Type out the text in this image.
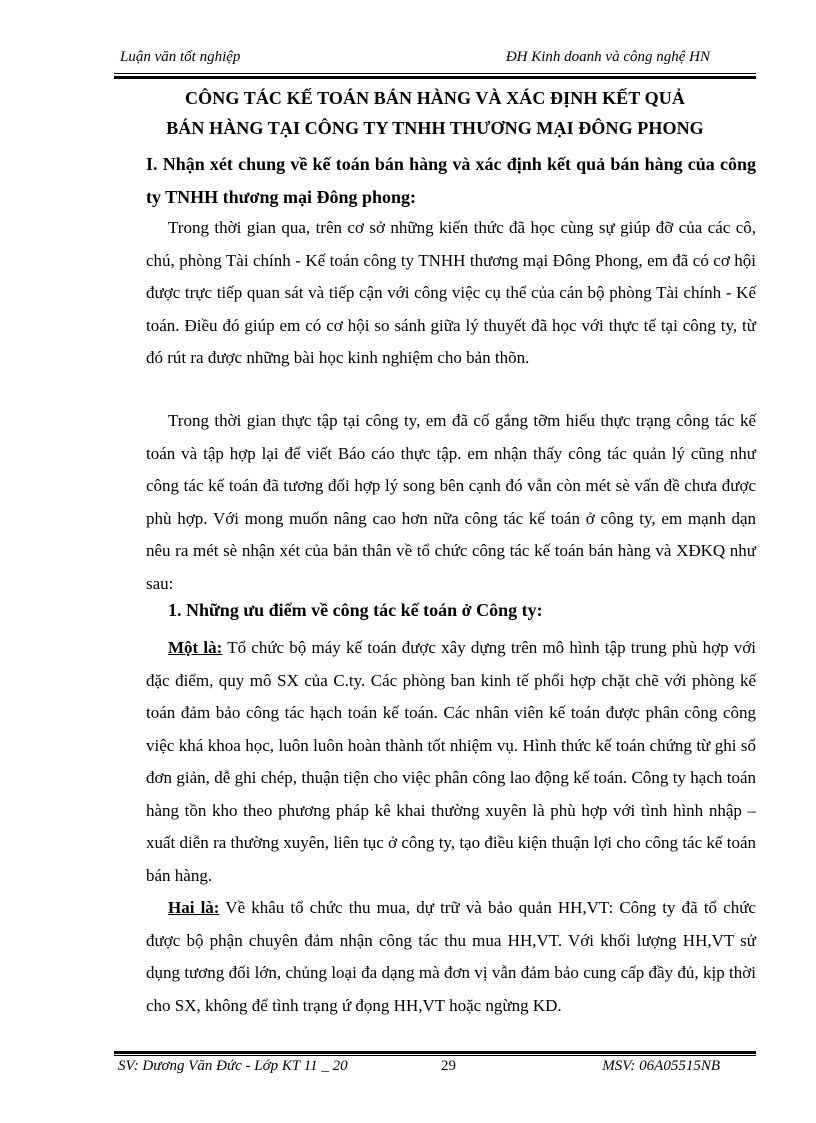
Luận văn tốt nghiệp	ĐH Kinh doanh và công nghệ HN
CÔNG TÁC KẾ TOÁN BÁN HÀNG VÀ XÁC ĐỊNH KẾT QUẢ
BÁN HÀNG TẠI CÔNG TY TNHH THƯƠNG MẠI ĐÔNG PHONG
I. Nhận xét chung về kế toán bán hàng và xác định kết quả bán hàng của công ty TNHH thương mại Đông phong:
Trong thời gian qua, trên cơ sở những kiến thức đã học cùng sự giúp đỡ của các cô, chú, phòng Tài chính - Kế toán công ty TNHH thương mại Đông Phong, em đã có cơ hội được trực tiếp quan sát và tiếp cận với công việc cụ thể của cán bộ phòng Tài chính - Kế toán. Điều đó giúp em có cơ hội so sánh giữa lý thuyết đã học với thực tế tại công ty, từ đó rút ra được những bài học kinh nghiệm cho bản thõn.
Trong thời gian thực tập tại công ty, em đã cố gắng tỡm hiểu thực trạng công tác kế toán và tập hợp lại để viết Báo cáo thực tập. em nhận thấy công tác quản lý cũng như công tác kế toán đã tương đối hợp lý song bên cạnh đó vẫn còn mét sè vấn đề chưa được phù hợp. Với mong muốn nâng cao hơn nữa công tác kế toán ở công ty, em mạnh dạn nêu ra mét sè nhận xét của bản thân về tổ chức công tác kế toán bán hàng và XĐKQ như sau:
1. Những ưu điểm về công tác kế toán ở Công ty:
Một là: Tổ chức bộ máy kế toán được xây dựng trên mô hình tập trung phù hợp với đặc điểm, quy mô SX của C.ty. Các phòng ban kinh tế phối hợp chặt chẽ với phòng kế toán đảm bảo công tác hạch toán kế toán. Các nhân viên kế toán được phân công công việc khá khoa học, luôn luôn hoàn thành tốt nhiệm vụ. Hình thức kế toán chứng từ ghi sổ đơn giản, dễ ghi chép, thuận tiện cho việc phân công lao động kế toán. Công ty hạch toán hàng tồn kho theo phương pháp kê khai thường xuyên là phù hợp với tình hình nhập – xuất diễn ra thường xuyên, liên tục ở công ty, tạo điều kiện thuận lợi cho công tác kế toán bán hàng.
Hai là: Về khâu tổ chức thu mua, dự trữ và bảo quản HH,VT: Công ty đã tổ chức được bộ phận chuyên đảm nhận công tác thu mua HH,VT. Với khối lượng HH,VT sử dụng tương đối lớn, chủng loại đa dạng mà đơn vị vẫn đảm bảo cung cấp đầy đủ, kịp thời cho SX, không để tình trạng ứ đọng HH,VT hoặc ngừng KD.
SV: Dương Văn Đức - Lớp KT 11 _ 20	29	MSV: 06A05515NB
